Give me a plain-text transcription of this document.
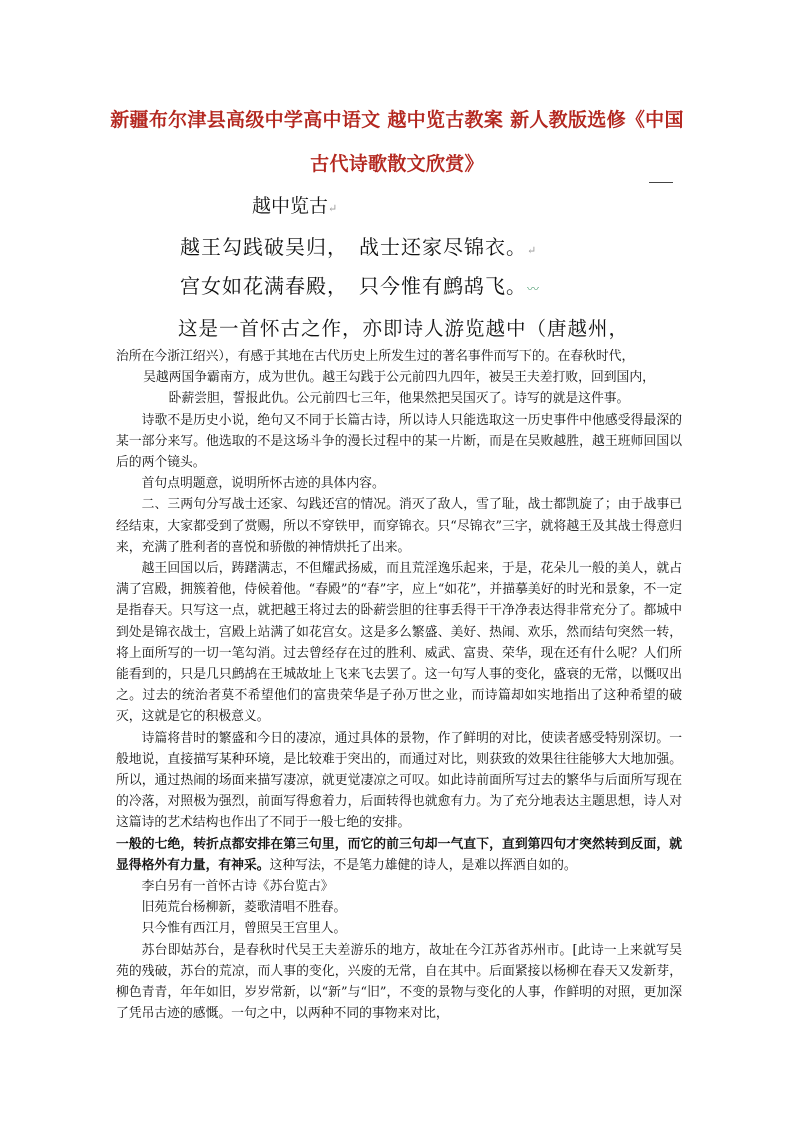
新疆布尔津县高级中学高中语文 越中览古教案 新人教版选修《中国古代诗歌散文欣赏》
越中览古↵
越王勾践破吴归，　战士还家尽锦衣。↵
宫女如花满春殿，　只今惟有鹧鸪飞。〰
这是一首怀古之作，亦即诗人游览越中（唐越州，

治所在今浙江绍兴），有感于其地在古代历史上所发生过的著名事件而写下的。在春秋时代，

吴越两国争霸南方，成为世仇。越王勾践于公元前四九四年，被吴王夫差打败，回到国内，

卧薪尝胆，誓报此仇。公元前四七三年，他果然把吴国灭了。诗写的就是这件事。

诗歌不是历史小说，绝句又不同于长篇古诗，所以诗人只能选取这一历史事件中他感受得最深的某一部分来写。他选取的不是这场斗争的漫长过程中的某一片断，而是在吴败越胜，越王班师回国以后的两个镜头。

首句点明题意，说明所怀古迹的具体内容。

二、三两句分写战士还家、勾践还宫的情况。消灭了敌人，雪了耻，战士都凯旋了；由于战事已经结束，大家都受到了赏赐，所以不穿铁甲，而穿锦衣。只“尽锦衣”三字，就将越王及其战士得意归来，充满了胜利者的喜悦和骄傲的神情烘托了出来。

越王回国以后，踌躇满志，不但耀武扬威，而且荒淫逸乐起来，于是，花朵儿一般的美人，就占满了宫殿，拥簇着他，侍候着他。“春殿”的“春”字，应上“如花”，并描摹美好的时光和景象，不一定是指春天。只写这一点，就把越王将过去的卧薪尝胆的往事丢得干干净净表达得非常充分了。都城中到处是锦衣战士，宫殿上站满了如花宫女。这是多么繁盛、美好、热闹、欢乐，然而结句突然一转，将上面所写的一切一笔勾消。过去曾经存在过的胜利、威武、富贵、荣华，现在还有什么呢？人们所能看到的，只是几只鹧鸪在王城故址上飞来飞去罢了。这一句写人事的变化，盛衰的无常，以慨叹出之。过去的统治者莫不希望他们的富贵荣华是子孙万世之业，而诗篇却如实地指出了这种希望的破灭，这就是它的积极意义。

诗篇将昔时的繁盛和今日的凄凉，通过具体的景物，作了鲜明的对比，使读者感受特别深切。一般地说，直接描写某种环境，是比较难于突出的，而通过对比，则获致的效果往往能够大大地加强。所以，通过热闹的场面来描写凄凉，就更觉凄凉之可叹。如此诗前面所写过去的繁华与后面所写现在的冷落，对照极为强烈，前面写得愈着力，后面转得也就愈有力。为了充分地表达主题思想，诗人对这篇诗的艺术结构也作出了不同于一般七绝的安排。

一般的七绝，转折点都安排在第三句里，而它的前三句却一气直下，直到第四句才突然转到反面，就显得格外有力量，有神采。这种写法，不是笔力雄健的诗人，是难以挥洒自如的。

李白另有一首怀古诗《苏台览古》

旧苑荒台杨柳新，菱歌清唱不胜春。

只今惟有西江月，曾照吴王宫里人。

苏台即姑苏台，是春秋时代吴王夫差游乐的地方，故址在今江苏省苏州市。[此诗一上来就写吴苑的残破，苏台的荒凉，而人事的变化，兴废的无常，自在其中。后面紧接以杨柳在春天又发新芽，柳色青青，年年如旧，岁岁常新，以“新”与“旧”，不变的景物与变化的人事，作鲜明的对照，更加深了凭吊古迹的感慨。一句之中，以两种不同的事物来对比，
